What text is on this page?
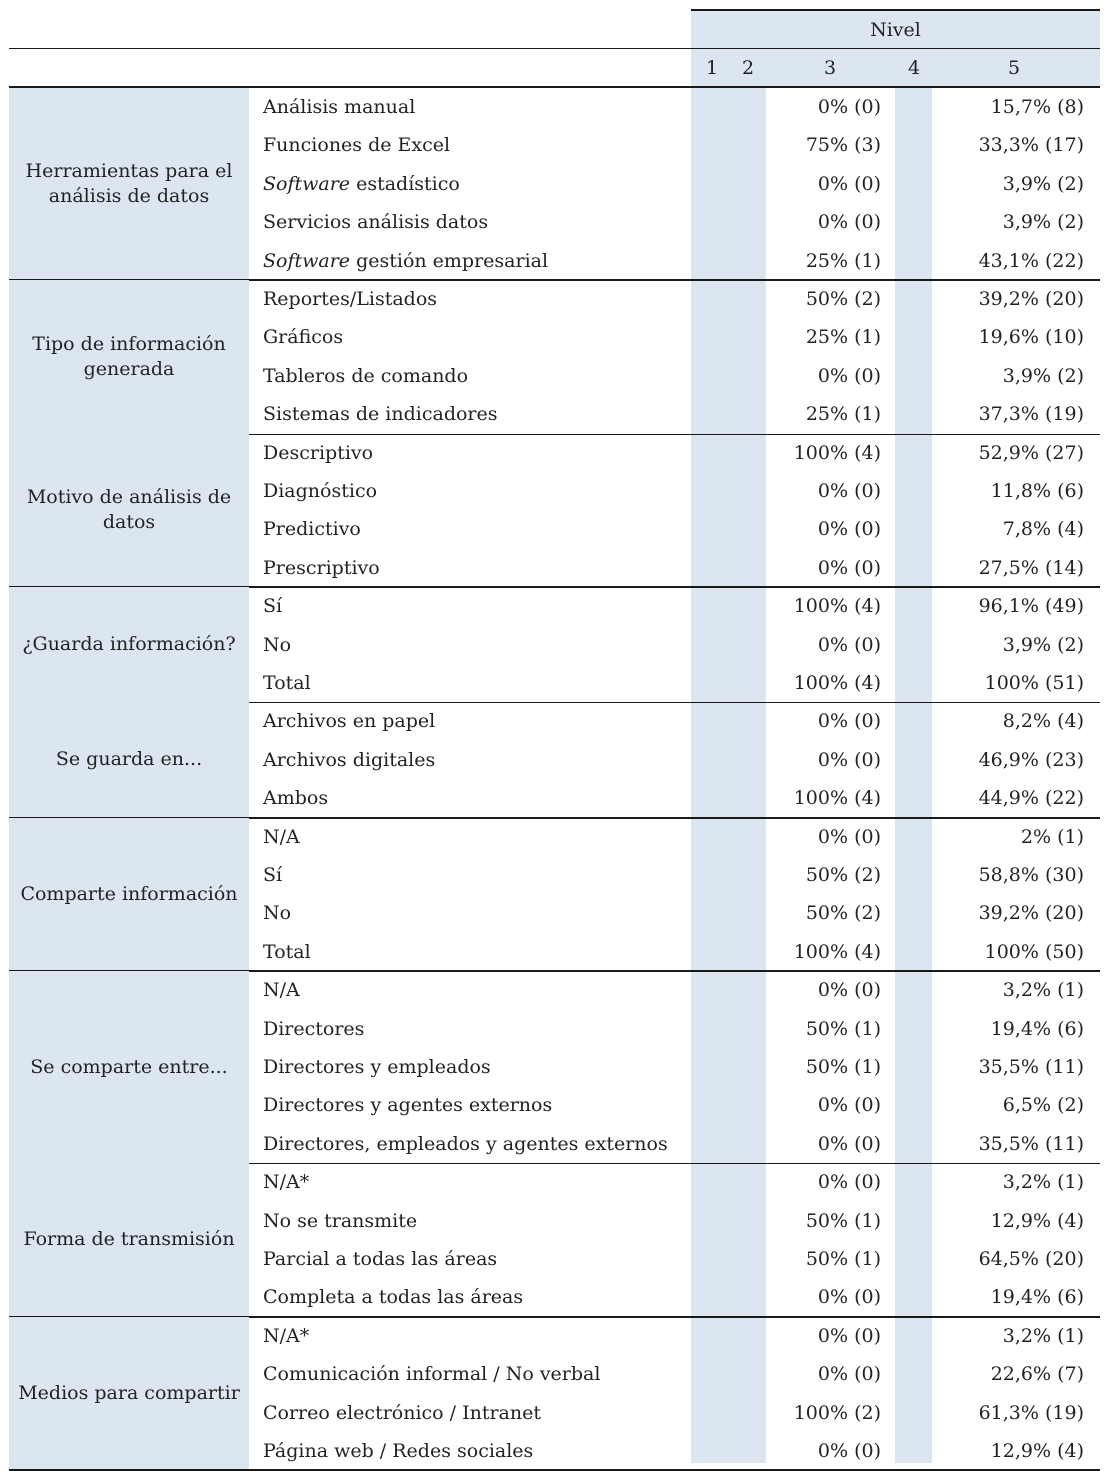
Nivel
1 2	3	4	5
Herramientas para el análisis de datos
Análisis manual	0% (0)	15,7% (8)
Funciones de Excel	75% (3)	33,3% (17)
Software estadístico	0% (0)	3,9% (2)
Servicios análisis datos	0% (0)	3,9% (2)
Software gestión empresarial	25% (1)	43,1% (22)
Tipo de información generada
Reportes/Listados	50% (2)	39,2% (20)
Gráficos	25% (1)	19,6% (10)
Tableros de comando	0% (0)	3,9% (2)
Sistemas de indicadores	25% (1)	37,3% (19)
Motivo de análisis de datos
Descriptivo	100% (4)	52,9% (27)
Diagnóstico	0% (0)	11,8% (6)
Predictivo	0% (0)	7,8% (4)
Prescriptivo	0% (0)	27,5% (14)
¿Guarda información?
Sí	100% (4)	96,1% (49)
No	0% (0)	3,9% (2)
Total	100% (4)	100% (51)
Se guarda en...
Archivos en papel	0% (0)	8,2% (4)
Archivos digitales	0% (0)	46,9% (23)
Ambos	100% (4)	44,9% (22)
Comparte información
N/A	0% (0)	2% (1)
Sí	50% (2)	58,8% (30)
No	50% (2)	39,2% (20)
Total	100% (4)	100% (50)
Se comparte entre...
N/A	0% (0)	3,2% (1)
Directores	50% (1)	19,4% (6)
Directores y empleados	50% (1)	35,5% (11)
Directores y agentes externos	0% (0)	6,5% (2)
Directores, empleados y agentes externos	0% (0)	35,5% (11)
Forma de transmisión
N/A*	0% (0)	3,2% (1)
No se transmite	50% (1)	12,9% (4)
Parcial a todas las áreas	50% (1)	64,5% (20)
Completa a todas las áreas	0% (0)	19,4% (6)
Medios para compartir
N/A*	0% (0)	3,2% (1)
Comunicación informal / No verbal	0% (0)	22,6% (7)
Correo electrónico / Intranet	100% (2)	61,3% (19)
Página web / Redes sociales	0% (0)	12,9% (4)
